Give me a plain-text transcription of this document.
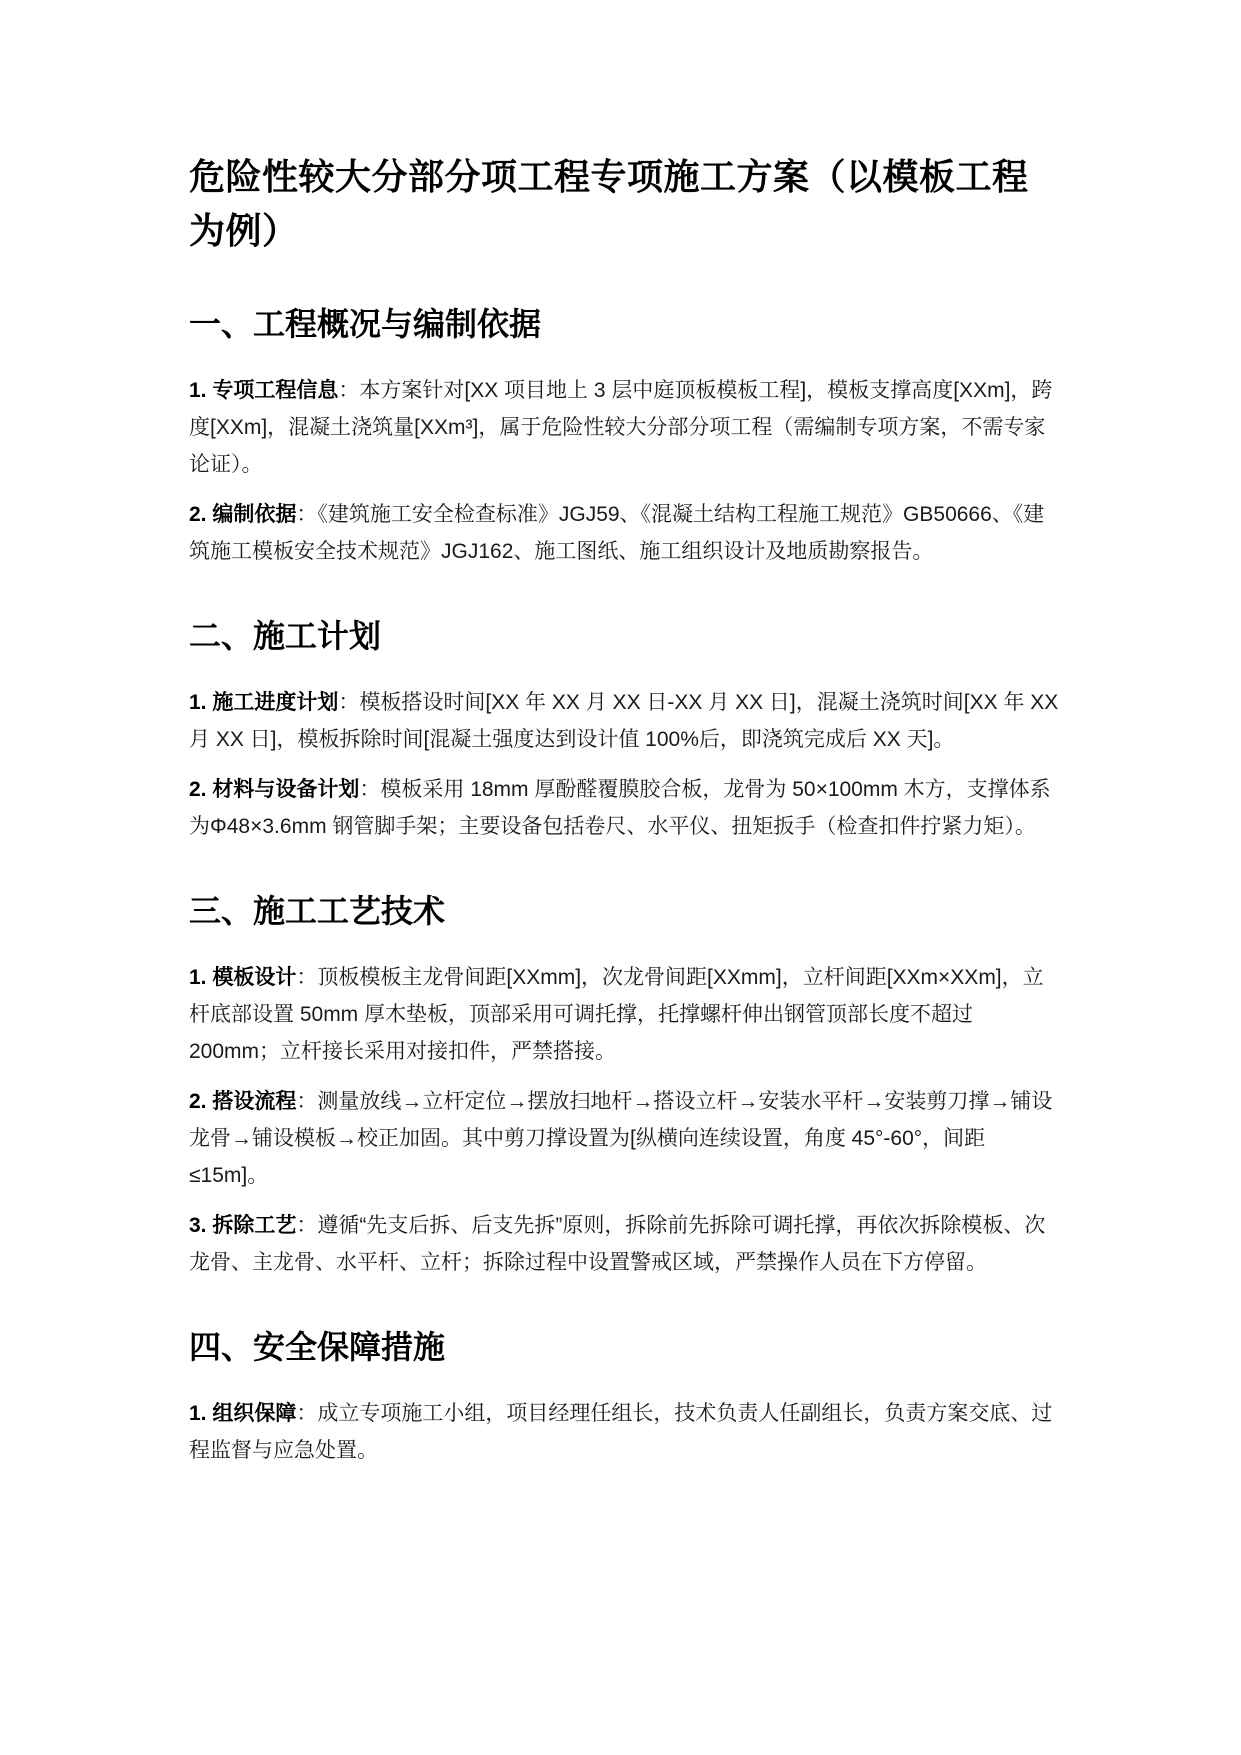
危险性较大分部分项工程专项施工方案（以模板工程为例）
一、工程概况与编制依据

1. 专项工程信息：本方案针对[XX 项目地上 3 层中庭顶板模板工程]，模板支撑高度[XXm]，跨度[XXm]，混凝土浇筑量[XXm³]，属于危险性较大分部分项工程（需编制专项方案，不需专家论证）。

2. 编制依据：《建筑施工安全检查标准》JGJ59、《混凝土结构工程施工规范》GB50666、《建筑施工模板安全技术规范》JGJ162、施工图纸、施工组织设计及地质勘察报告。

二、施工计划

1. 施工进度计划：模板搭设时间[XX 年 XX 月 XX 日-XX 月 XX 日]，混凝土浇筑时间[XX 年 XX 月 XX 日]，模板拆除时间[混凝土强度达到设计值 100%后，即浇筑完成后 XX 天]。

2. 材料与设备计划：模板采用 18mm 厚酚醛覆膜胶合板，龙骨为 50×100mm 木方，支撑体系为Φ48×3.6mm 钢管脚手架；主要设备包括卷尺、水平仪、扭矩扳手（检查扣件拧紧力矩）。

三、施工工艺技术

1. 模板设计：顶板模板主龙骨间距[XXmm]，次龙骨间距[XXmm]，立杆间距[XXm×XXm]，立杆底部设置 50mm 厚木垫板，顶部采用可调托撑，托撑螺杆伸出钢管顶部长度不超过 200mm；立杆接长采用对接扣件，严禁搭接。

2. 搭设流程：测量放线→立杆定位→摆放扫地杆→搭设立杆→安装水平杆→安装剪刀撑→铺设龙骨→铺设模板→校正加固。其中剪刀撑设置为[纵横向连续设置，角度 45°-60°，间距≤15m]。

3. 拆除工艺：遵循“先支后拆、后支先拆”原则，拆除前先拆除可调托撑，再依次拆除模板、次龙骨、主龙骨、水平杆、立杆；拆除过程中设置警戒区域，严禁操作人员在下方停留。

四、安全保障措施

1. 组织保障：成立专项施工小组，项目经理任组长，技术负责人任副组长，负责方案交底、过程监督与应急处置。
